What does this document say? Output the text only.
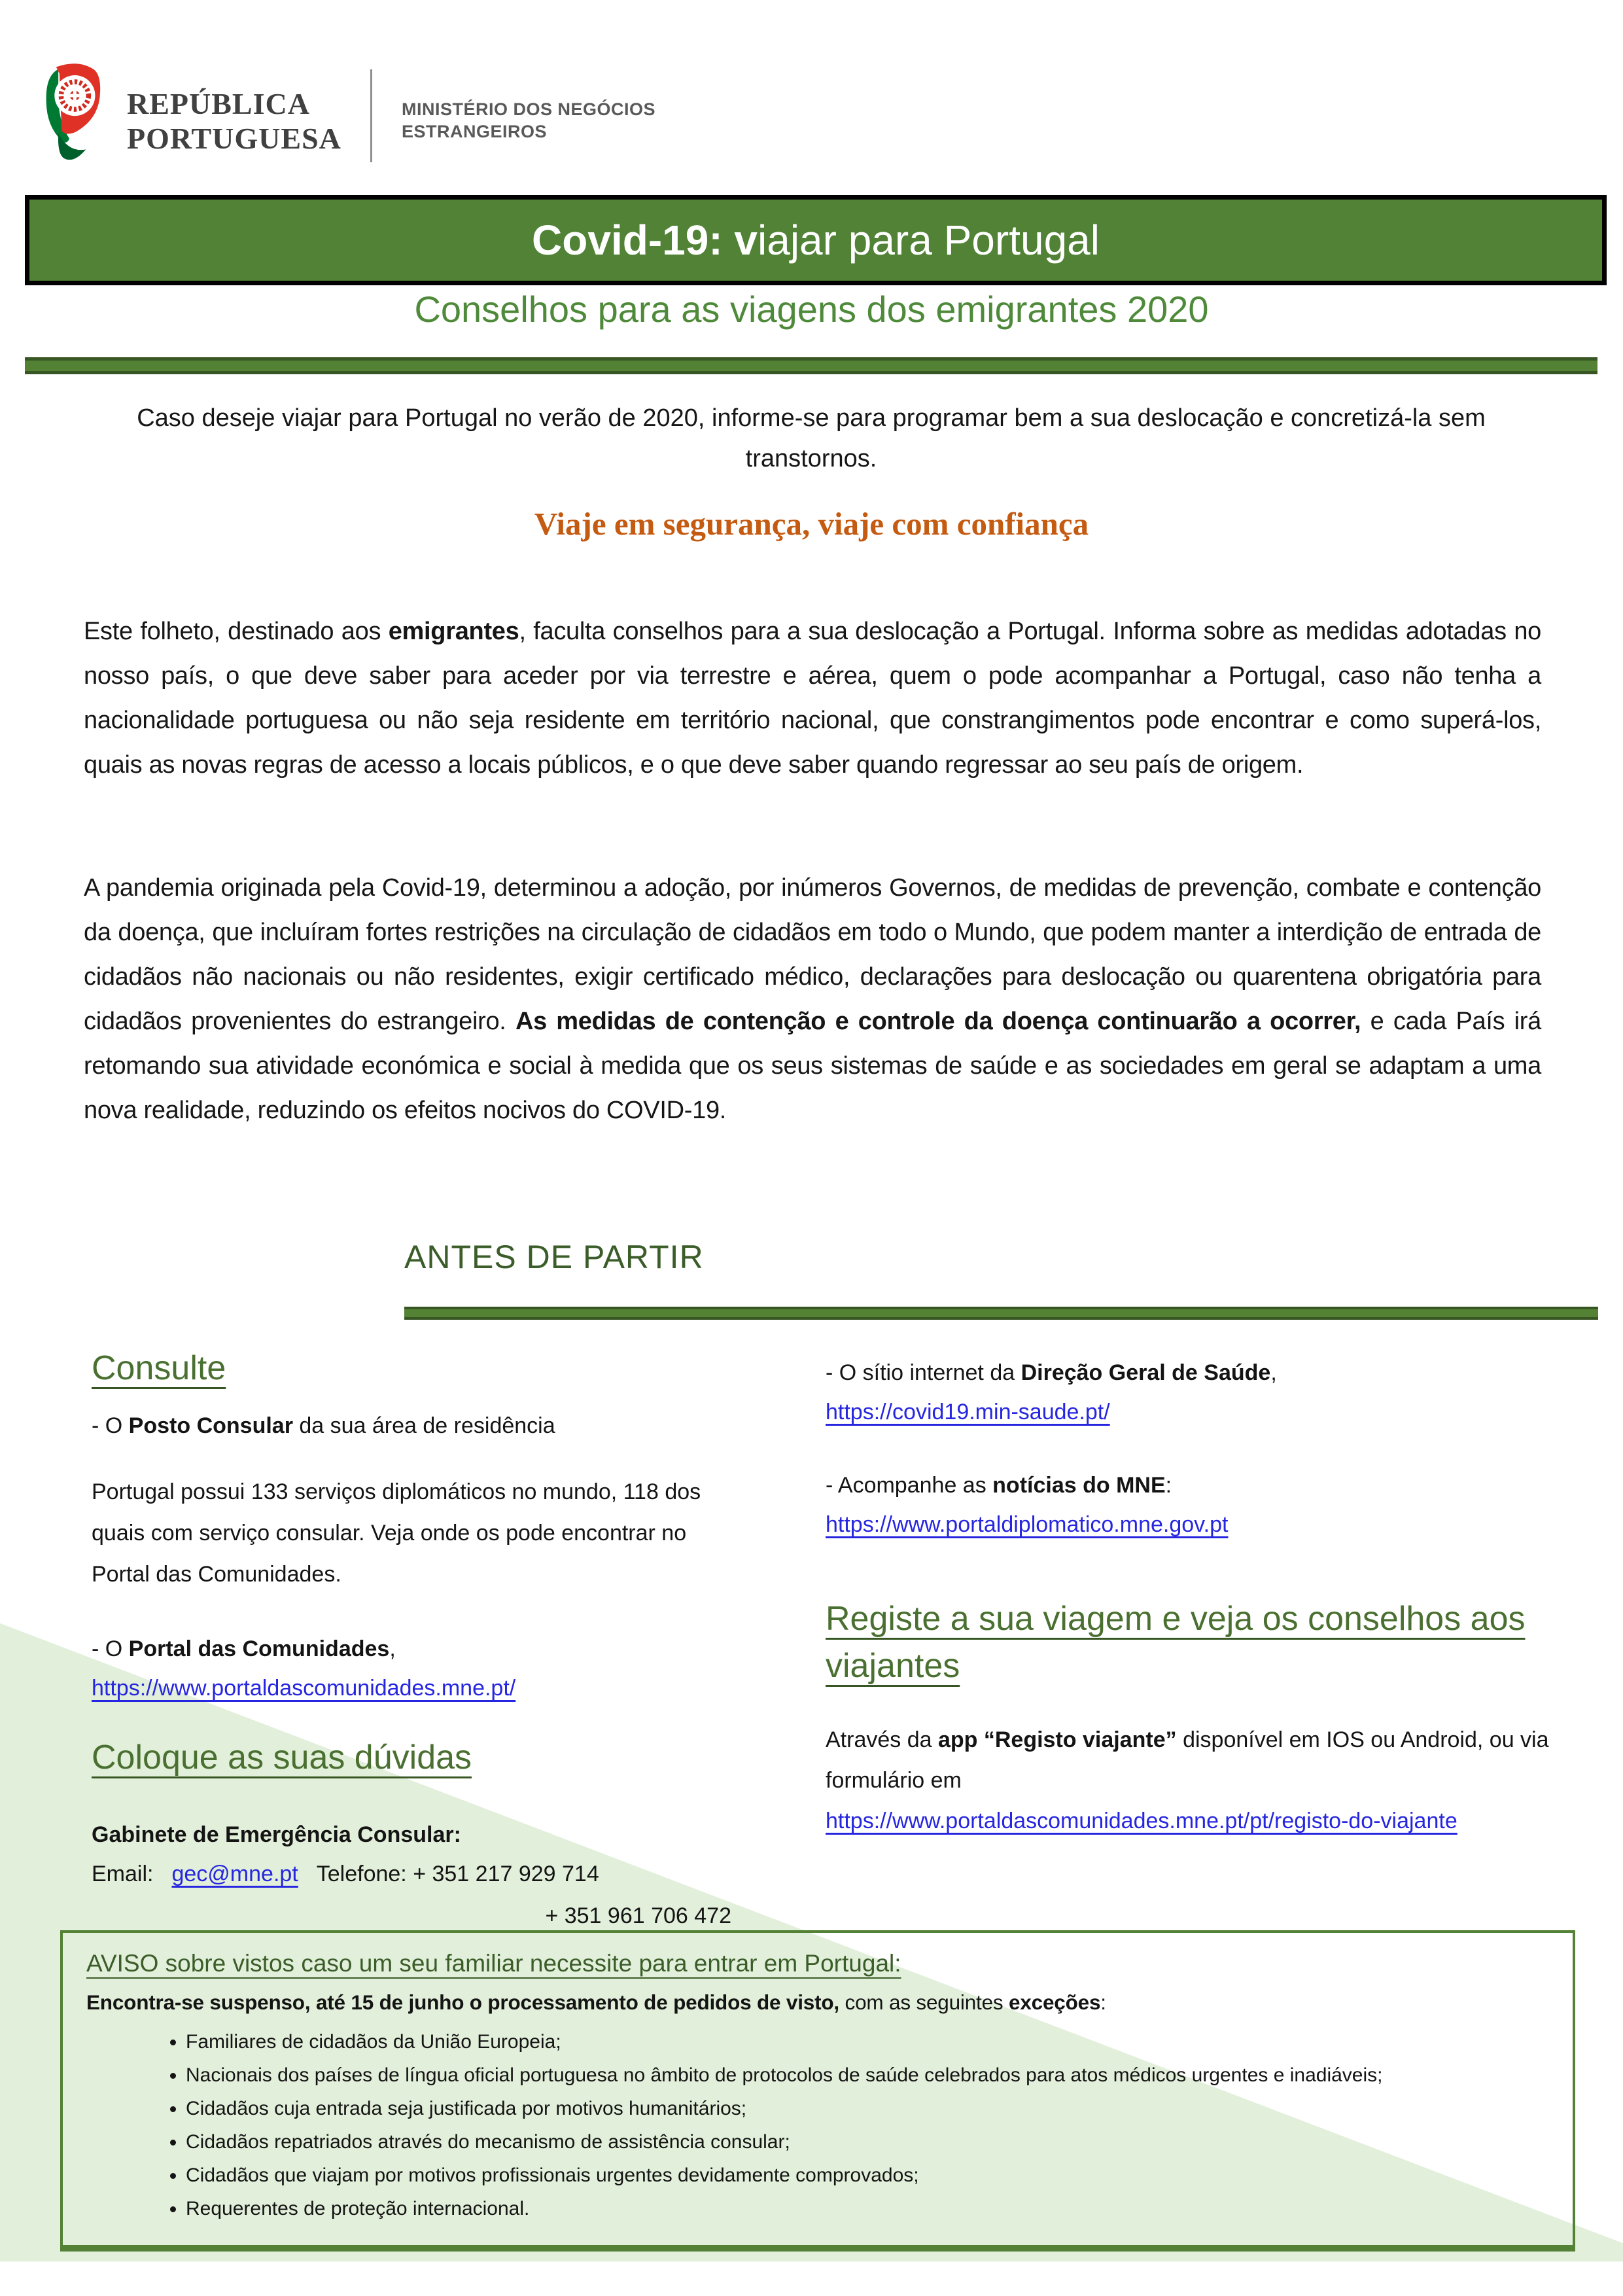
REPÚBLICA
PORTUGUESA
MINISTÉRIO DOS NEGÓCIOS
ESTRANGEIROS
Covid-19: viajar para Portugal
Conselhos para as viagens dos emigrantes 2020
Caso deseje viajar para Portugal no verão de 2020, informe-se para programar bem a sua deslocação e concretizá-la sem transtornos.
Viaje em segurança, viaje com confiança

Este folheto, destinado aos emigrantes, faculta conselhos para a sua deslocação a Portugal. Informa sobre as medidas adotadas no nosso país, o que deve saber para aceder por via terrestre e aérea, quem o pode acompanhar a Portugal, caso não tenha a nacionalidade portuguesa ou não seja residente em território nacional, que constrangimentos pode encontrar e como superá-los, quais as novas regras de acesso a locais públicos, e o que deve saber quando regressar ao seu país de origem.

A pandemia originada pela Covid-19, determinou a adoção, por inúmeros Governos, de medidas de prevenção, combate e contenção da doença, que incluíram fortes restrições na circulação de cidadãos em todo o Mundo, que podem manter a interdição de entrada de cidadãos não nacionais ou não residentes, exigir certificado médico, declarações para deslocação ou quarentena obrigatória para cidadãos provenientes do estrangeiro. As medidas de contenção e controle da doença continuarão a ocorrer, e cada País irá retomando sua atividade económica e social à medida que os seus sistemas de saúde e as sociedades em geral se adaptam a uma nova realidade, reduzindo os efeitos nocivos do COVID-19.

ANTES DE PARTIR
Consulte
- O Posto Consular da sua área de residência
Portugal possui 133 serviços diplomáticos no mundo, 118 dos quais com serviço consular. Veja onde os pode encontrar no Portal das Comunidades.
- O Portal das Comunidades,
https://www.portaldascomunidades.mne.pt/
Coloque as suas dúvidas
Gabinete de Emergência Consular:
Email: gec@mne.pt Telefone: + 351 217 929 714
+ 351 961 706 472
- O sítio internet da Direção Geral de Saúde,
https://covid19.min-saude.pt/
- Acompanhe as notícias do MNE:
https://www.portaldiplomatico.mne.gov.pt
Registe a sua viagem e veja os conselhos aos viajantes
Através da app “Registo viajante” disponível em IOS ou Android, ou via formulário em
https://www.portaldascomunidades.mne.pt/pt/registo-do-viajante
AVISO sobre vistos caso um seu familiar necessite para entrar em Portugal:
Encontra-se suspenso, até 15 de junho o processamento de pedidos de visto, com as seguintes exceções:
• Familiares de cidadãos da União Europeia;
• Nacionais dos países de língua oficial portuguesa no âmbito de protocolos de saúde celebrados para atos médicos urgentes e inadiáveis;
• Cidadãos cuja entrada seja justificada por motivos humanitários;
• Cidadãos repatriados através do mecanismo de assistência consular;
• Cidadãos que viajam por motivos profissionais urgentes devidamente comprovados;
• Requerentes de proteção internacional.
